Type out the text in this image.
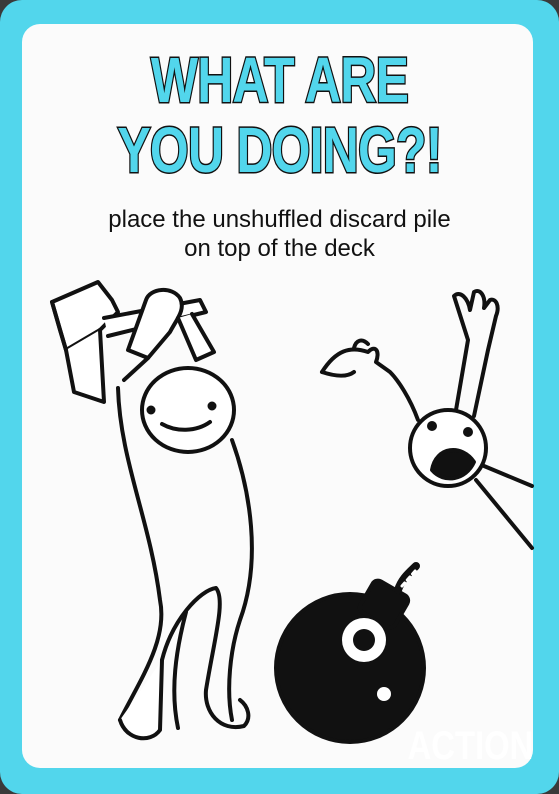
WHAT ARE
YOU DOING?!
place the unshuffled discard pile
on top of the deck
ACTION
